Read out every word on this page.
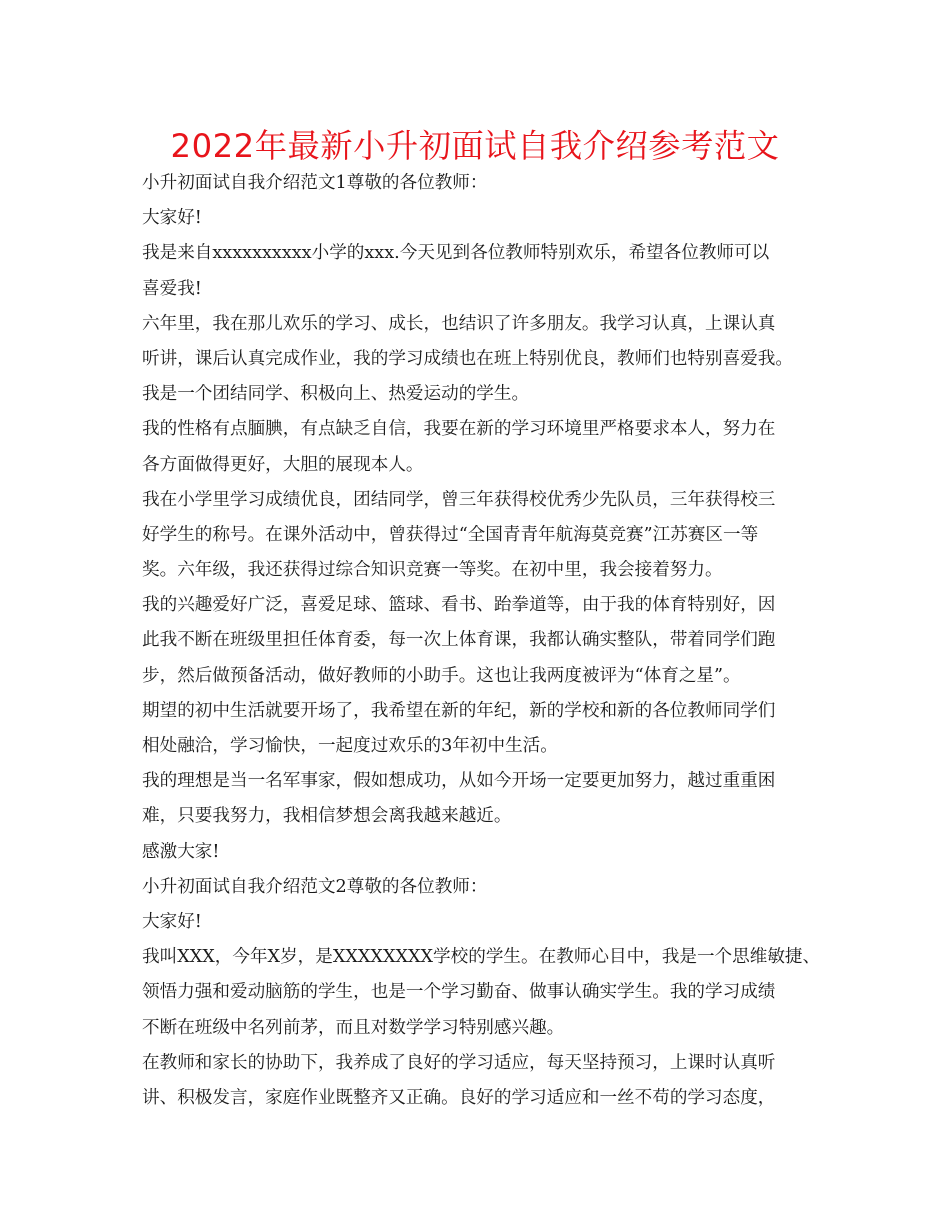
2022年最新小升初面试自我介绍参考范文
小升初面试自我介绍范文1尊敬的各位教师：
大家好!
我是来自xxxxxxxxxx小学的xxx.今天见到各位教师特别欢乐，希望各位教师可以
喜爱我!
六年里，我在那儿欢乐的学习、成长，也结识了许多朋友。我学习认真，上课认真
听讲，课后认真完成作业，我的学习成绩也在班上特别优良，教师们也特别喜爱我。
我是一个团结同学、积极向上、热爱运动的学生。
我的性格有点腼腆，有点缺乏自信，我要在新的学习环境里严格要求本人，努力在
各方面做得更好，大胆的展现本人。
我在小学里学习成绩优良，团结同学，曾三年获得校优秀少先队员，三年获得校三
好学生的称号。在课外活动中，曾获得过“全国青青年航海莫竞赛”江苏赛区一等
奖。六年级，我还获得过综合知识竞赛一等奖。在初中里，我会接着努力。
我的兴趣爱好广泛，喜爱足球、篮球、看书、跆拳道等，由于我的体育特别好，因
此我不断在班级里担任体育委，每一次上体育课，我都认确实整队，带着同学们跑
步，然后做预备活动，做好教师的小助手。这也让我两度被评为“体育之星”。
期望的初中生活就要开场了，我希望在新的年纪，新的学校和新的各位教师同学们
相处融洽，学习愉快，一起度过欢乐的3年初中生活。
我的理想是当一名军事家，假如想成功，从如今开场一定要更加努力，越过重重困
难，只要我努力，我相信梦想会离我越来越近。
感激大家!
小升初面试自我介绍范文2尊敬的各位教师：
大家好!
我叫XXX，今年X岁，是XXXXXXXX学校的学生。在教师心目中，我是一个思维敏捷、
领悟力强和爱动脑筋的学生，也是一个学习勤奋、做事认确实学生。我的学习成绩
不断在班级中名列前茅，而且对数学学习特别感兴趣。
在教师和家长的协助下，我养成了良好的学习适应，每天坚持预习，上课时认真听
讲、积极发言，家庭作业既整齐又正确。良好的学习适应和一丝不苟的学习态度，
